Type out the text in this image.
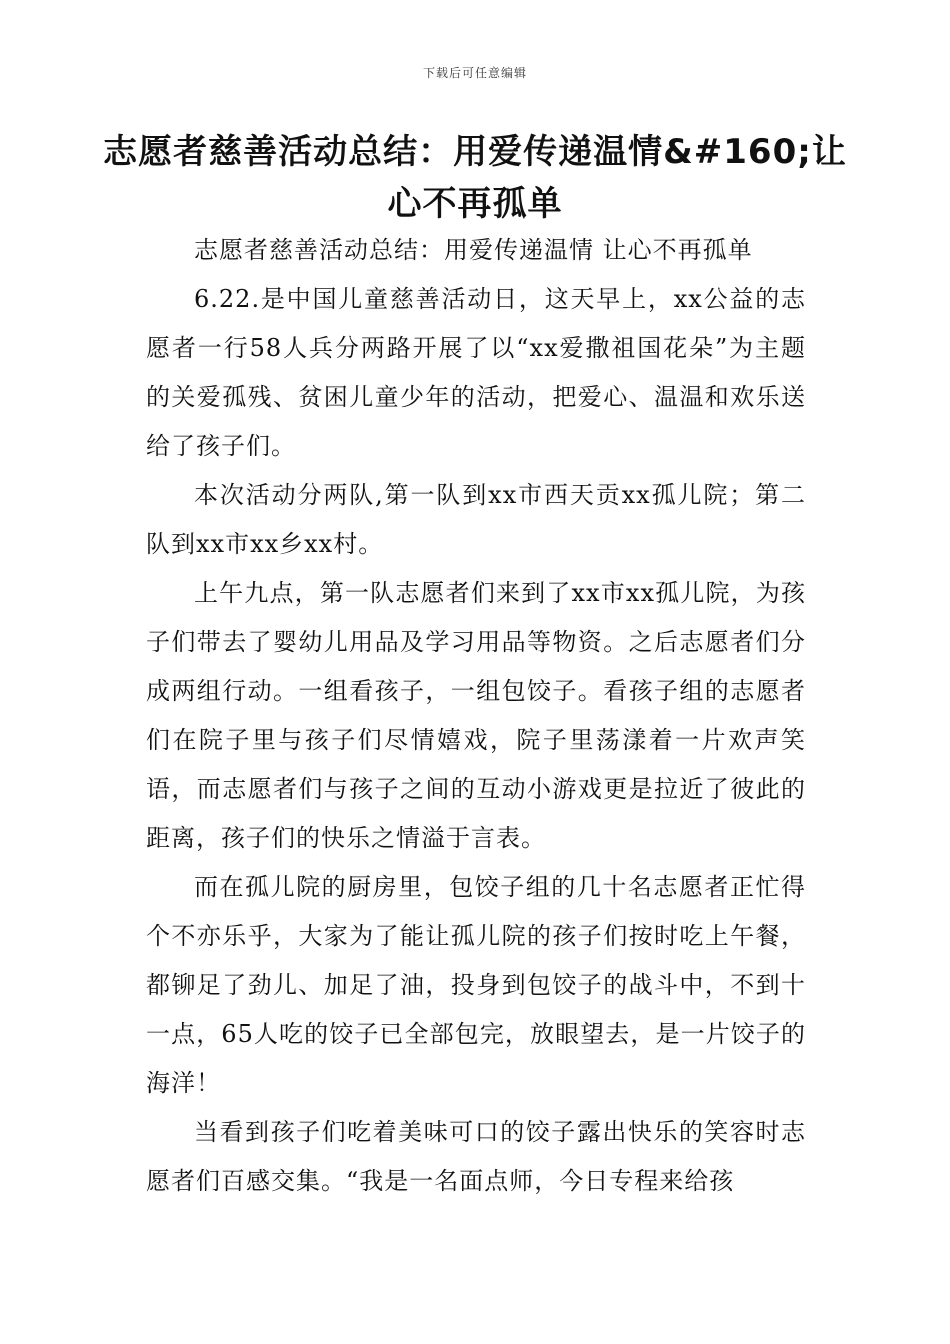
下载后可任意编辑
志愿者慈善活动总结：用爱传递温情&#160;让心不再孤单

志愿者慈善活动总结：用爱传递温情 让心不再孤单

6.22.是中国儿童慈善活动日，这天早上，xx公益的志愿者一行58人兵分两路开展了以“xx爱撒祖国花朵”为主题的关爱孤残、贫困儿童少年的活动，把爱心、温温和欢乐送给了孩子们。

本次活动分两队,第一队到xx市西天贡xx孤儿院；第二队到xx市xx乡xx村。

上午九点，第一队志愿者们来到了xx市xx孤儿院，为孩子们带去了婴幼儿用品及学习用品等物资。之后志愿者们分成两组行动。一组看孩子，一组包饺子。看孩子组的志愿者们在院子里与孩子们尽情嬉戏，院子里荡漾着一片欢声笑语，而志愿者们与孩子之间的互动小游戏更是拉近了彼此的距离，孩子们的快乐之情溢于言表。

而在孤儿院的厨房里，包饺子组的几十名志愿者正忙得个不亦乐乎，大家为了能让孤儿院的孩子们按时吃上午餐，都铆足了劲儿、加足了油，投身到包饺子的战斗中，不到十一点，65人吃的饺子已全部包完，放眼望去，是一片饺子的海洋！

当看到孩子们吃着美味可口的饺子露出快乐的笑容时志愿者们百感交集。“我是一名面点师，今日专程来给孩
